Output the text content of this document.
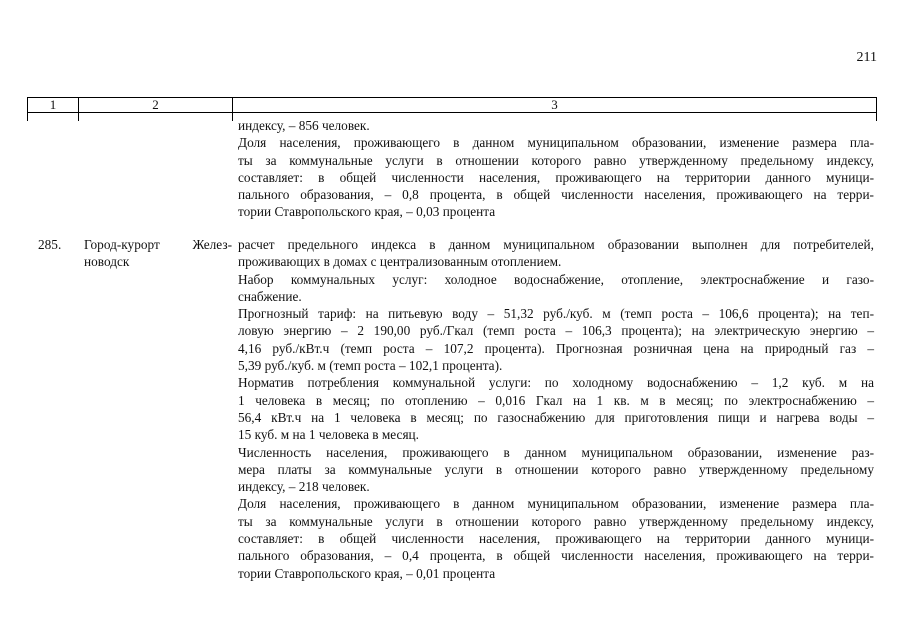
211
1	2	3
индексу, – 856 человек.
Доля населения, проживающего в данном муниципальном образовании, изменение размера пла-
ты за коммунальные услуги в отношении которого равно утвержденному предельному индексу,
составляет: в общей численности населения, проживающего на территории данного муници-
пального образования, – 0,8 процента, в общей численности населения, проживающего на терри-
тории Ставропольского края, – 0,03 процента
285. Город-курорт Желез-
новодск
расчет предельного индекса в данном муниципальном образовании выполнен для потребителей,
проживающих в домах с централизованным отоплением.
Набор коммунальных услуг: холодное водоснабжение, отопление, электроснабжение и газо-
снабжение.
Прогнозный тариф: на питьевую воду – 51,32 руб./куб. м (темп роста – 106,6 процента); на теп-
ловую энергию – 2 190,00 руб./Гкал (темп роста – 106,3 процента); на электрическую энергию –
4,16 руб./кВт.ч (темп роста – 107,2 процента). Прогнозная розничная цена на природный газ –
5,39 руб./куб. м (темп роста – 102,1 процента).
Норматив потребления коммунальной услуги: по холодному водоснабжению – 1,2 куб. м на
1 человека в месяц; по отоплению – 0,016 Гкал на 1 кв. м в месяц; по электроснабжению –
56,4 кВт.ч на 1 человека в месяц; по газоснабжению для приготовления пищи и нагрева воды –
15 куб. м на 1 человека в месяц.
Численность населения, проживающего в данном муниципальном образовании, изменение раз-
мера платы за коммунальные услуги в отношении которого равно утвержденному предельному
индексу, – 218 человек.
Доля населения, проживающего в данном муниципальном образовании, изменение размера пла-
ты за коммунальные услуги в отношении которого равно утвержденному предельному индексу,
составляет: в общей численности населения, проживающего на территории данного муници-
пального образования, – 0,4 процента, в общей численности населения, проживающего на терри-
тории Ставропольского края, – 0,01 процента
